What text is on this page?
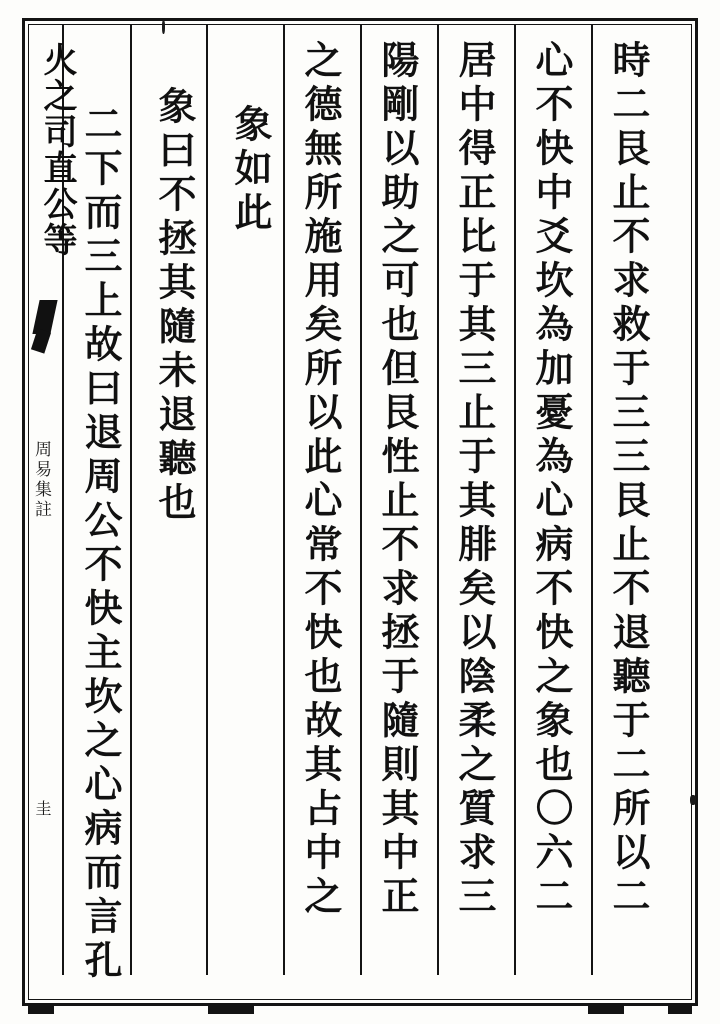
火之司直公等
周易集註
圭	時二艮止不求救于三三艮止不退聽于二所以二
心不快中爻坎為加憂為心病不快之象也〇六二
居中得正比于其三止于其腓矣以陰柔之質求三
陽剛以助之可也但艮性止不求拯于隨則其中正
之德無所施用矣所以此心常不快也故其占中之
象如此
象曰不拯其隨未退聽也
二下而三上故曰退周公不快主坎之心病而言孔
